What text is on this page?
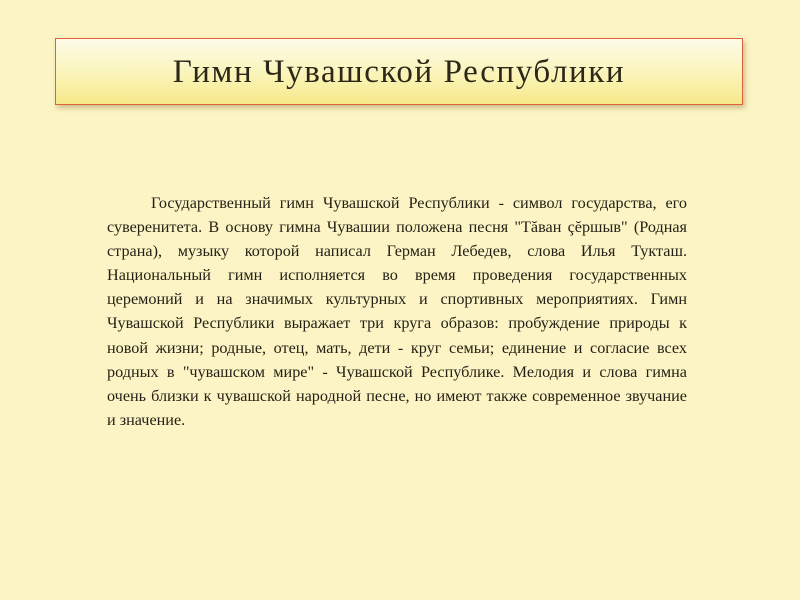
Гимн Чувашской Республики

Государственный гимн Чувашской Республики - символ государства, его суверенитета. В основу гимна Чувашии положена песня "Тăван çĕршыв" (Родная страна), музыку которой написал Герман Лебедев, слова Илья Тукташ. Национальный гимн исполняется во время проведения государственных церемоний и на значимых культурных и спортивных мероприятиях. Гимн Чувашской Республики выражает три круга образов: пробуждение природы к новой жизни; родные, отец, мать, дети - круг семьи; единение и согласие всех родных в "чувашском мире" - Чувашской Республике. Мелодия и слова гимна очень близки к чувашской народной песне, но имеют также современное звучание и значение.
